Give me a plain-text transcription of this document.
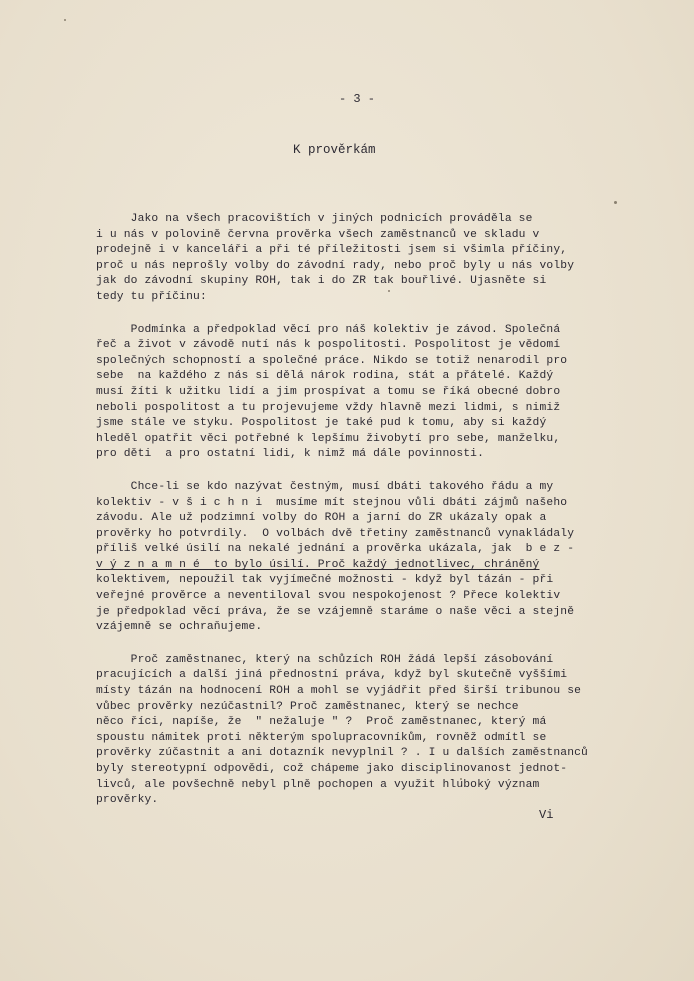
- 3 -
K prověrkám
Jako na všech pracovištích v jiných podnicích prováděla se
i u nás v polovině června prověrka všech zaměstnanců ve skladu v
prodejně i v kanceláři a při té příležitosti jsem si všimla příčiny,
proč u nás neprošly volby do závodní rady, nebo proč byly u nás volby
jak do závodní skupiny ROH, tak i do ZR tak bouřlivé. Ujasněte si
tedy tu příčinu:
Podmínka a předpoklad věcí pro náš kolektiv je závod. Společná
řeč a život v závodě nutí nás k pospolitosti. Pospolitost je vědomí
společných schopností a společné práce. Nikdo se totiž nenarodil pro
sebe  na každého z nás si dělá nárok rodina, stát a přátelé. Každý
musí žíti k užitku lidí a jim prospívat a tomu se říká obecné dobro
neboli pospolitost a tu projevujeme vždy hlavně mezi lidmi, s nimiž
jsme stále ve styku. Pospolitost je také pud k tomu, aby si každý
hleděl opatřit věci potřebné k lepšímu živobytí pro sebe, manželku,
pro děti  a pro ostatní lidi, k nimž má dále povinnosti.
Chce-li se kdo nazývat čestným, musí dbáti takového řádu a my
kolektiv - v š i c h n i  musíme mít stejnou vůli dbáti zájmů našeho
závodu. Ale už podzimní volby do ROH a jarní do ZR ukázaly opak a
prověrky ho potvrdily.  O volbách dvě třetiny zaměstnanců vynakládaly
příliš velké úsilí na nekalé jednání a prověrka ukázala, jak  b e z -
v ý z n a m n é  to bylo úsilí. Proč každý jednotlivec, chráněný
kolektivem, nepoužil tak vyjímečné možnosti - když byl tázán - při
veřejné prověrce a neventiloval svou nespokojenost ? Přece kolektiv
je předpoklad věcí práva, že se vzájemně staráme o naše věci a stejně
vzájemně se ochraňujeme.
Proč zaměstnanec, který na schůzích ROH žádá lepší zásobování
pracujících a další jiná přednostní práva, když byl skutečně vyššími
místy tázán na hodnocení ROH a mohl se vyjádřit před širší tribunou se
vůbec prověrky nezúčastnil? Proč zaměstnanec, který se nechce
něco říci, napíše, že  " nežaluje " ?  Proč zaměstnanec, který má
spoustu námitek proti některým spolupracovníkům, rovněž odmítl se
prověrky zúčastnit a ani dotazník nevyplnil ? . I u dalších zaměstnanců
byly stereotypní odpovědi, což chápeme jako disciplinovanost jednot-
livců, ale povšechně nebyl plně pochopen a využit hluboký význam
prověrky.
Vi
